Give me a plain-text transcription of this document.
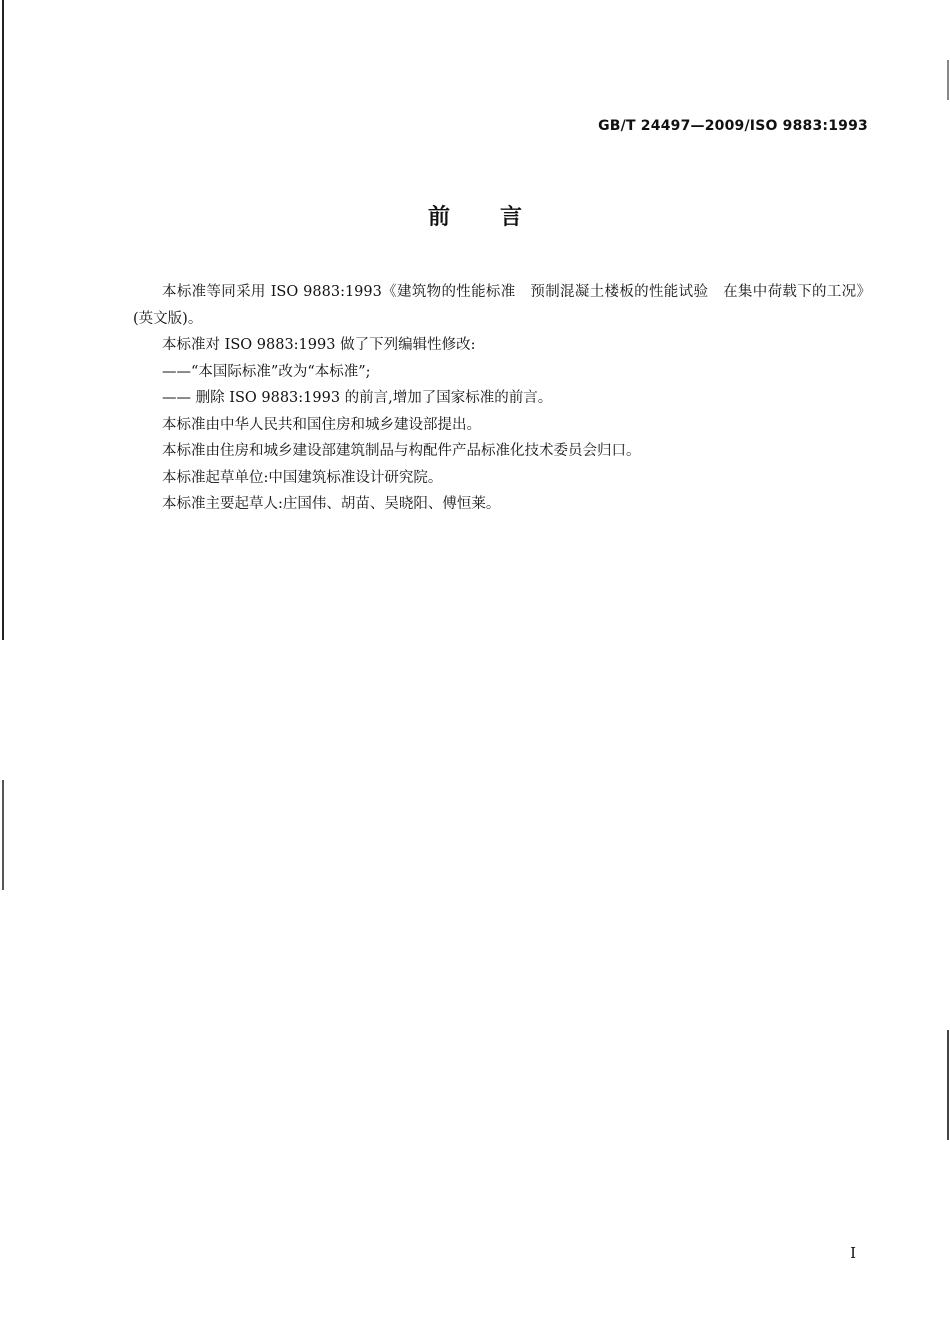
GB/T 24497—2009/ISO 9883:1993
前言

本标准等同采用 ISO 9883:1993《建筑物的性能标准　预制混凝土楼板的性能试验　在集中荷载下的工况》(英文版)。

本标准对 ISO 9883:1993 做了下列编辑性修改:

——“本国际标准”改为“本标准”;

—— 删除 ISO 9883:1993 的前言,增加了国家标准的前言。

本标准由中华人民共和国住房和城乡建设部提出。

本标准由住房和城乡建设部建筑制品与构配件产品标准化技术委员会归口。

本标准起草单位:中国建筑标准设计研究院。

本标准主要起草人:庄国伟、胡苗、吴晓阳、傅恒莱。

I
